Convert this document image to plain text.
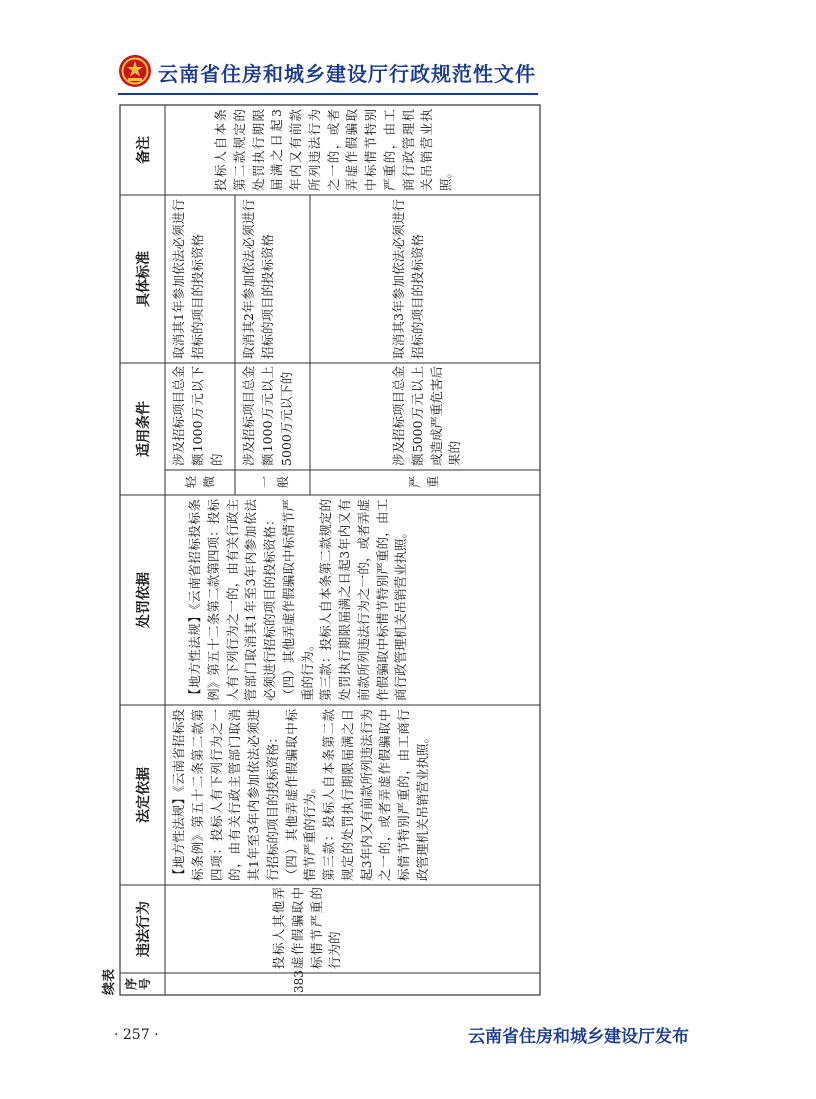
云南省住房和城乡建设厅行政规范性文件
续表 序号
违法行为
法定依据
处罚依据
适用条件
具体标准
备注
383
投标人其他弄虚作假骗取中标情节严重的行为的

【地方性法规】《云南省招标投标条例》第五十二条第二款第四项：投标人有下列行为之一的，由有关行政主管部门取消其1年至3年内参加依法必须进行招标的项目的投标资格： （四）其他弄虚作假骗取中标情节严重的行为。 第三款：投标人自本条第二款规定的处罚执行期限届满之日起3年内又有前款所列违法行为之一的，或者弄虚作假骗取中标情节特别严重的，由工商行政管理机关吊销营业执照。

【地方性法规】《云南省招标投标条例》第五十二条第二款第四项：投标人有下列行为之一的，由有关行政主管部门取消其1年至3年内参加依法必须进行招标的项目的投标资格： （四）其他弄虚作假骗取中标情节严重的行为。 第三款：投标人自本条第二款规定的处罚执行期限届满之日起3年内又有前款所列违法行为之一的，或者弄虚作假骗取中标情节特别严重的，由工商行政管理机关吊销营业执照。

轻微
涉及招标项目总金额1000万元以下的
取消其1年参加依法必须进行招标的项目的投标资格
一般
涉及招标项目总金额1000万元以上5000万元以下的
取消其2年参加依法必须进行招标的项目的投标资格
严重
涉及招标项目总金额5000万元以上或造成严重危害后果的
取消其3年参加依法必须进行招标的项目的投标资格
投标人自本条第二款规定的处罚执行期限届满之日起3年内又有前款所列违法行为之一的，或者弄虚作假骗取中标情节特别严重的，由工商行政管理机关吊销营业执照。
· 257 ·	云南省住房和城乡建设厅发布
